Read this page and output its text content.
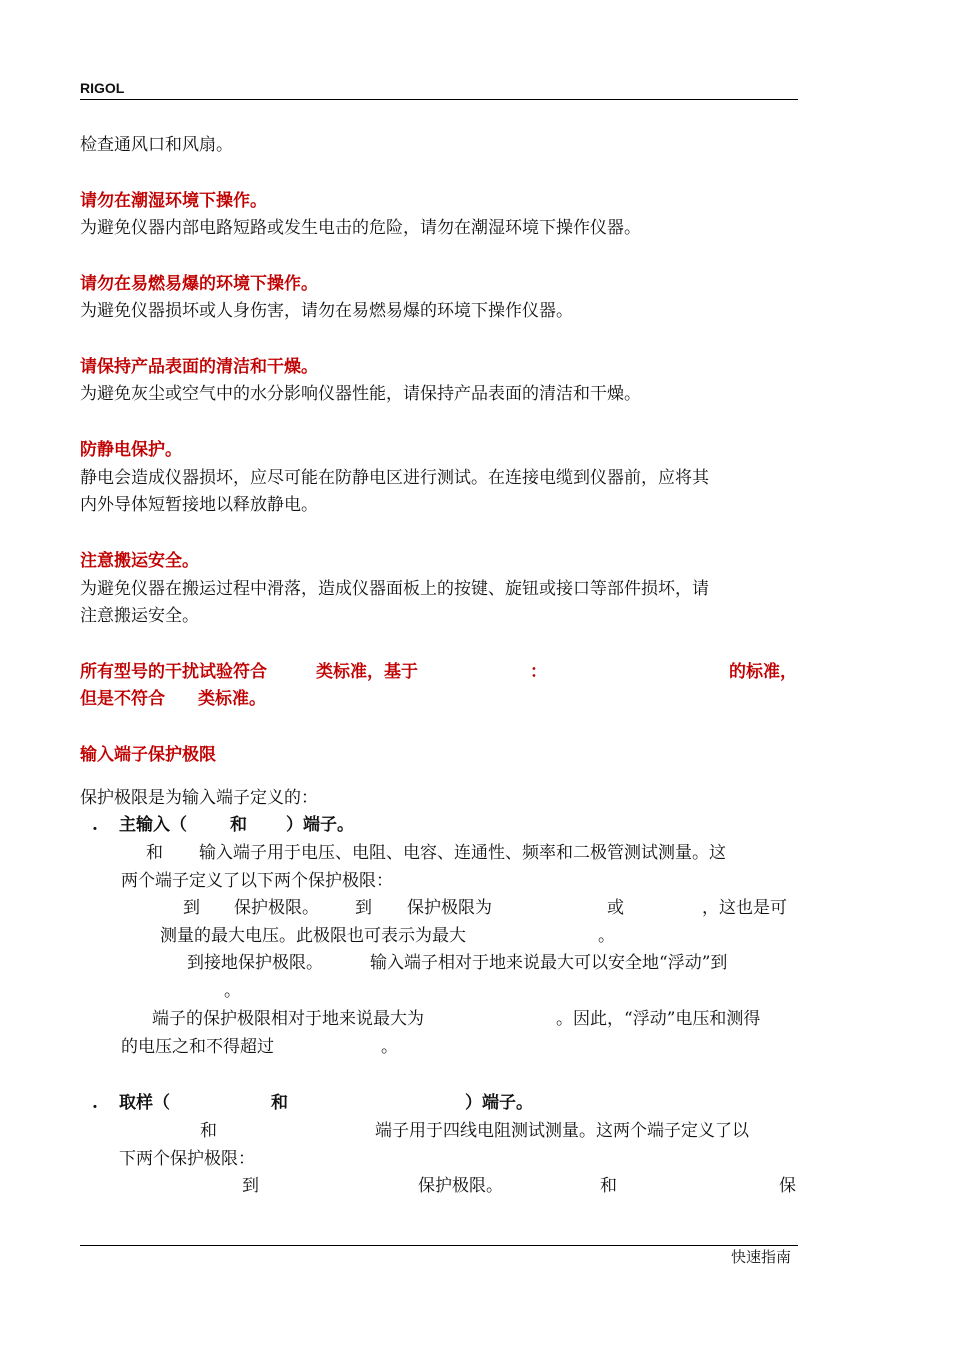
RIGOL
检查通风口和风扇。
请勿在潮湿环境下操作。
为避免仪器内部电路短路或发生电击的危险，请勿在潮湿环境下操作仪器。
请勿在易燃易爆的环境下操作。
为避免仪器损坏或人身伤害，请勿在易燃易爆的环境下操作仪器。
请保持产品表面的清洁和干燥。
为避免灰尘或空气中的水分影响仪器性能，请保持产品表面的清洁和干燥。
防静电保护。
静电会造成仪器损坏，应尽可能在防静电区进行测试。在连接电缆到仪器前，应将其
内外导体短暂接地以释放静电。
注意搬运安全。
为避免仪器在搬运过程中滑落，造成仪器面板上的按键、旋钮或接口等部件损坏，请
注意搬运安全。
所有型号的干扰试验符合	类标准，基于	：	的标准，
但是不符合 类标准。
输入端子保护极限
保护极限是为输入端子定义的：
. 主输入（	和 ）端子。
和 输入端子用于电压、电阻、电容、连通性、频率和二极管测试测量。这
两个端子定义了以下两个保护极限：
到 保护极限。 到 保护极限为	或	，这也是可
测量的最大电压。此极限也可表示为最大	。
到接地保护极限。	输入端子相对于地来说最大可以安全地“浮动”到
。
端子的保护极限相对于地来说最大为	。因此，“浮动”电压和测得
的电压之和不得超过	。
. 取样（	和	）端子。
和	端子用于四线电阻测试测量。这两个端子定义了以
下两个保护极限：
到	保护极限。	和	保
快速指南
